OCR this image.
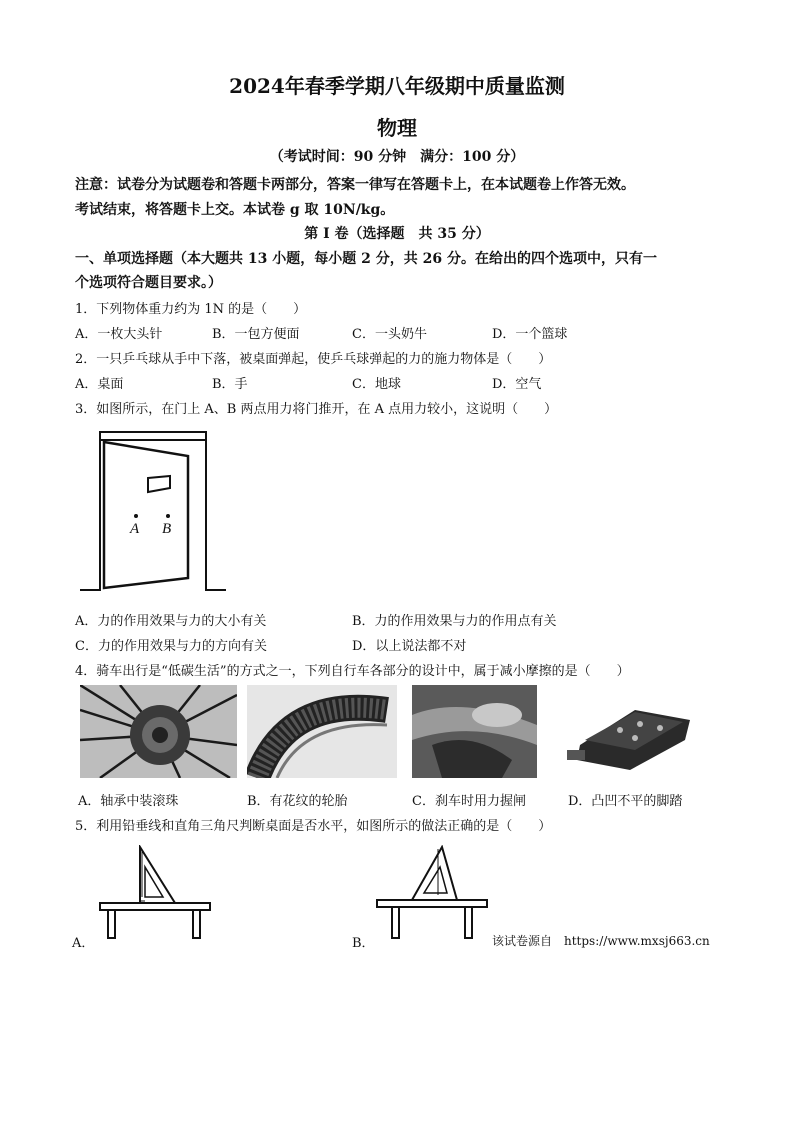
2024年春季学期八年级期中质量监测
物理
（考试时间：90 分钟　满分：100 分）
注意：试卷分为试题卷和答题卡两部分，答案一律写在答题卡上，在本试题卷上作答无效。
考试结束，将答题卡上交。本试卷 g 取 10N/kg。
第 I 卷（选择题　共 35 分）
一、单项选择题（本大题共 13 小题，每小题 2 分，共 26 分。在给出的四个选项中，只有一
个选项符合题目要求。）
1．下列物体重力约为 1N 的是（　　）
A．一枚大头针	B．一包方便面	C．一头奶牛	D．一个篮球
2．一只乒乓球从手中下落，被桌面弹起，使乒乓球弹起的力的施力物体是（　　）
A．桌面	B．手	C．地球	D．空气
3．如图所示，在门上 A、B 两点用力将门推开，在 A 点用力较小，这说明（　　）
A B
A．力的作用效果与力的大小有关	B．力的作用效果与力的作用点有关
C．力的作用效果与力的方向有关	D．以上说法都不对
4．骑车出行是“低碳生活”的方式之一，下列自行车各部分的设计中，属于减小摩擦的是（　　）
A．轴承中装滚珠	B．有花纹的轮胎	C．刹车时用力握闸	D．凸凹不平的脚踏
5．利用铅垂线和直角三角尺判断桌面是否水平，如图所示的做法正确的是（　　）
A．	B．	该试卷源自　https://www.mxsj663.cn
